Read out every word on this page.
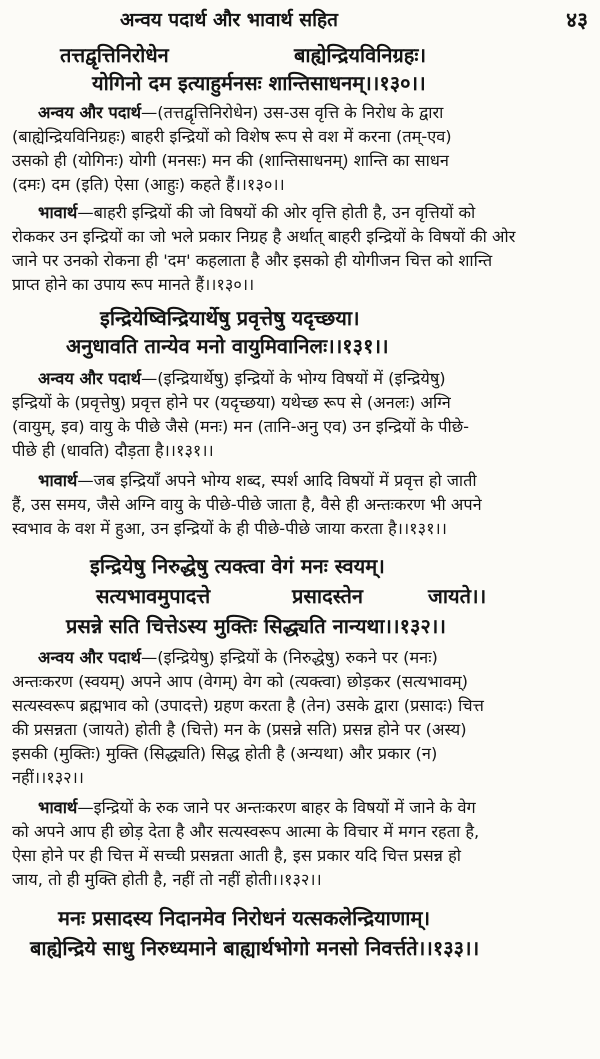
अन्वय पदार्थ और भावार्थ सहित	४३
तत्तद्वृत्तिनिरोधेन	बाह्येन्द्रियविनिग्रहः।
योगिनो दम इत्याहुर्मनसः शान्तिसाधनम्।।१३०।।
अन्वय और पदार्थ—(तत्तद्वृत्तिनिरोधेन) उस-उस वृत्ति के निरोध के द्वारा
(बाह्येन्द्रियविनिग्रहः) बाहरी इन्द्रियों को विशेष रूप से वश में करना (तम्-एव)
उसको ही (योगिनः) योगी (मनसः) मन की (शान्तिसाधनम्) शान्ति का साधन
(दमः) दम (इति) ऐसा (आहुः) कहते हैं।।१३०।।
भावार्थ—बाहरी इन्द्रियों की जो विषयों की ओर वृत्ति होती है, उन वृत्तियों को
रोककर उन इन्द्रियों का जो भले प्रकार निग्रह है अर्थात् बाहरी इन्द्रियों के विषयों की ओर
जाने पर उनको रोकना ही 'दम' कहलाता है और इसको ही योगीजन चित्त को शान्ति
प्राप्त होने का उपाय रूप मानते हैं।।१३०।।
इन्द्रियेष्विन्द्रियार्थेषु प्रवृत्तेषु यदृच्छया।
अनुधावति तान्येव मनो वायुमिवानिलः।।१३१।।
अन्वय और पदार्थ—(इन्द्रियार्थेषु) इन्द्रियों के भोग्य विषयों में (इन्द्रियेषु)
इन्द्रियों के (प्रवृत्तेषु) प्रवृत्त होने पर (यदृच्छया) यथेच्छ रूप से (अनलः) अग्नि
(वायुम्, इव) वायु के पीछे जैसे (मनः) मन (तानि-अनु एव) उन इन्द्रियों के पीछे-
पीछे ही (धावति) दौड़ता है।।१३१।।
भावार्थ—जब इन्द्रियाँ अपने भोग्य शब्द, स्पर्श आदि विषयों में प्रवृत्त हो जाती
हैं, उस समय, जैसे अग्नि वायु के पीछे-पीछे जाता है, वैसे ही अन्तःकरण भी अपने
स्वभाव के वश में हुआ, उन इन्द्रियों के ही पीछे-पीछे जाया करता है।।१३१।।
इन्द्रियेषु निरुद्धेषु त्यक्त्वा वेगं मनः स्वयम्।
सत्यभावमुपादत्ते	प्रसादस्तेन	जायते।।
प्रसन्ने सति चित्तेऽस्य मुक्तिः सिद्ध्यति नान्यथा।।१३२।।
अन्वय और पदार्थ—(इन्द्रियेषु) इन्द्रियों के (निरुद्धेषु) रुकने पर (मनः)
अन्तःकरण (स्वयम्) अपने आप (वेगम्) वेग को (त्यक्त्वा) छोड़कर (सत्यभावम्)
सत्यस्वरूप ब्रह्मभाव को (उपादत्ते) ग्रहण करता है (तेन) उसके द्वारा (प्रसादः) चित्त
की प्रसन्नता (जायते) होती है (चित्ते) मन के (प्रसन्ने सति) प्रसन्न होने पर (अस्य)
इसकी (मुक्तिः) मुक्ति (सिद्ध्यति) सिद्ध होती है (अन्यथा) और प्रकार (न)
नहीं।।१३२।।
भावार्थ—इन्द्रियों के रुक जाने पर अन्तःकरण बाहर के विषयों में जाने के वेग
को अपने आप ही छोड़ देता है और सत्यस्वरूप आत्मा के विचार में मगन रहता है,
ऐसा होने पर ही चित्त में सच्ची प्रसन्नता आती है, इस प्रकार यदि चित्त प्रसन्न हो
जाय, तो ही मुक्ति होती है, नहीं तो नहीं होती।।१३२।।
मनः प्रसादस्य निदानमेव निरोधनं यत्सकलेन्द्रियाणाम्।
बाह्येन्द्रिये साधु निरुध्यमाने बाह्यार्थभोगो मनसो निवर्त्तते।।१३३।।
